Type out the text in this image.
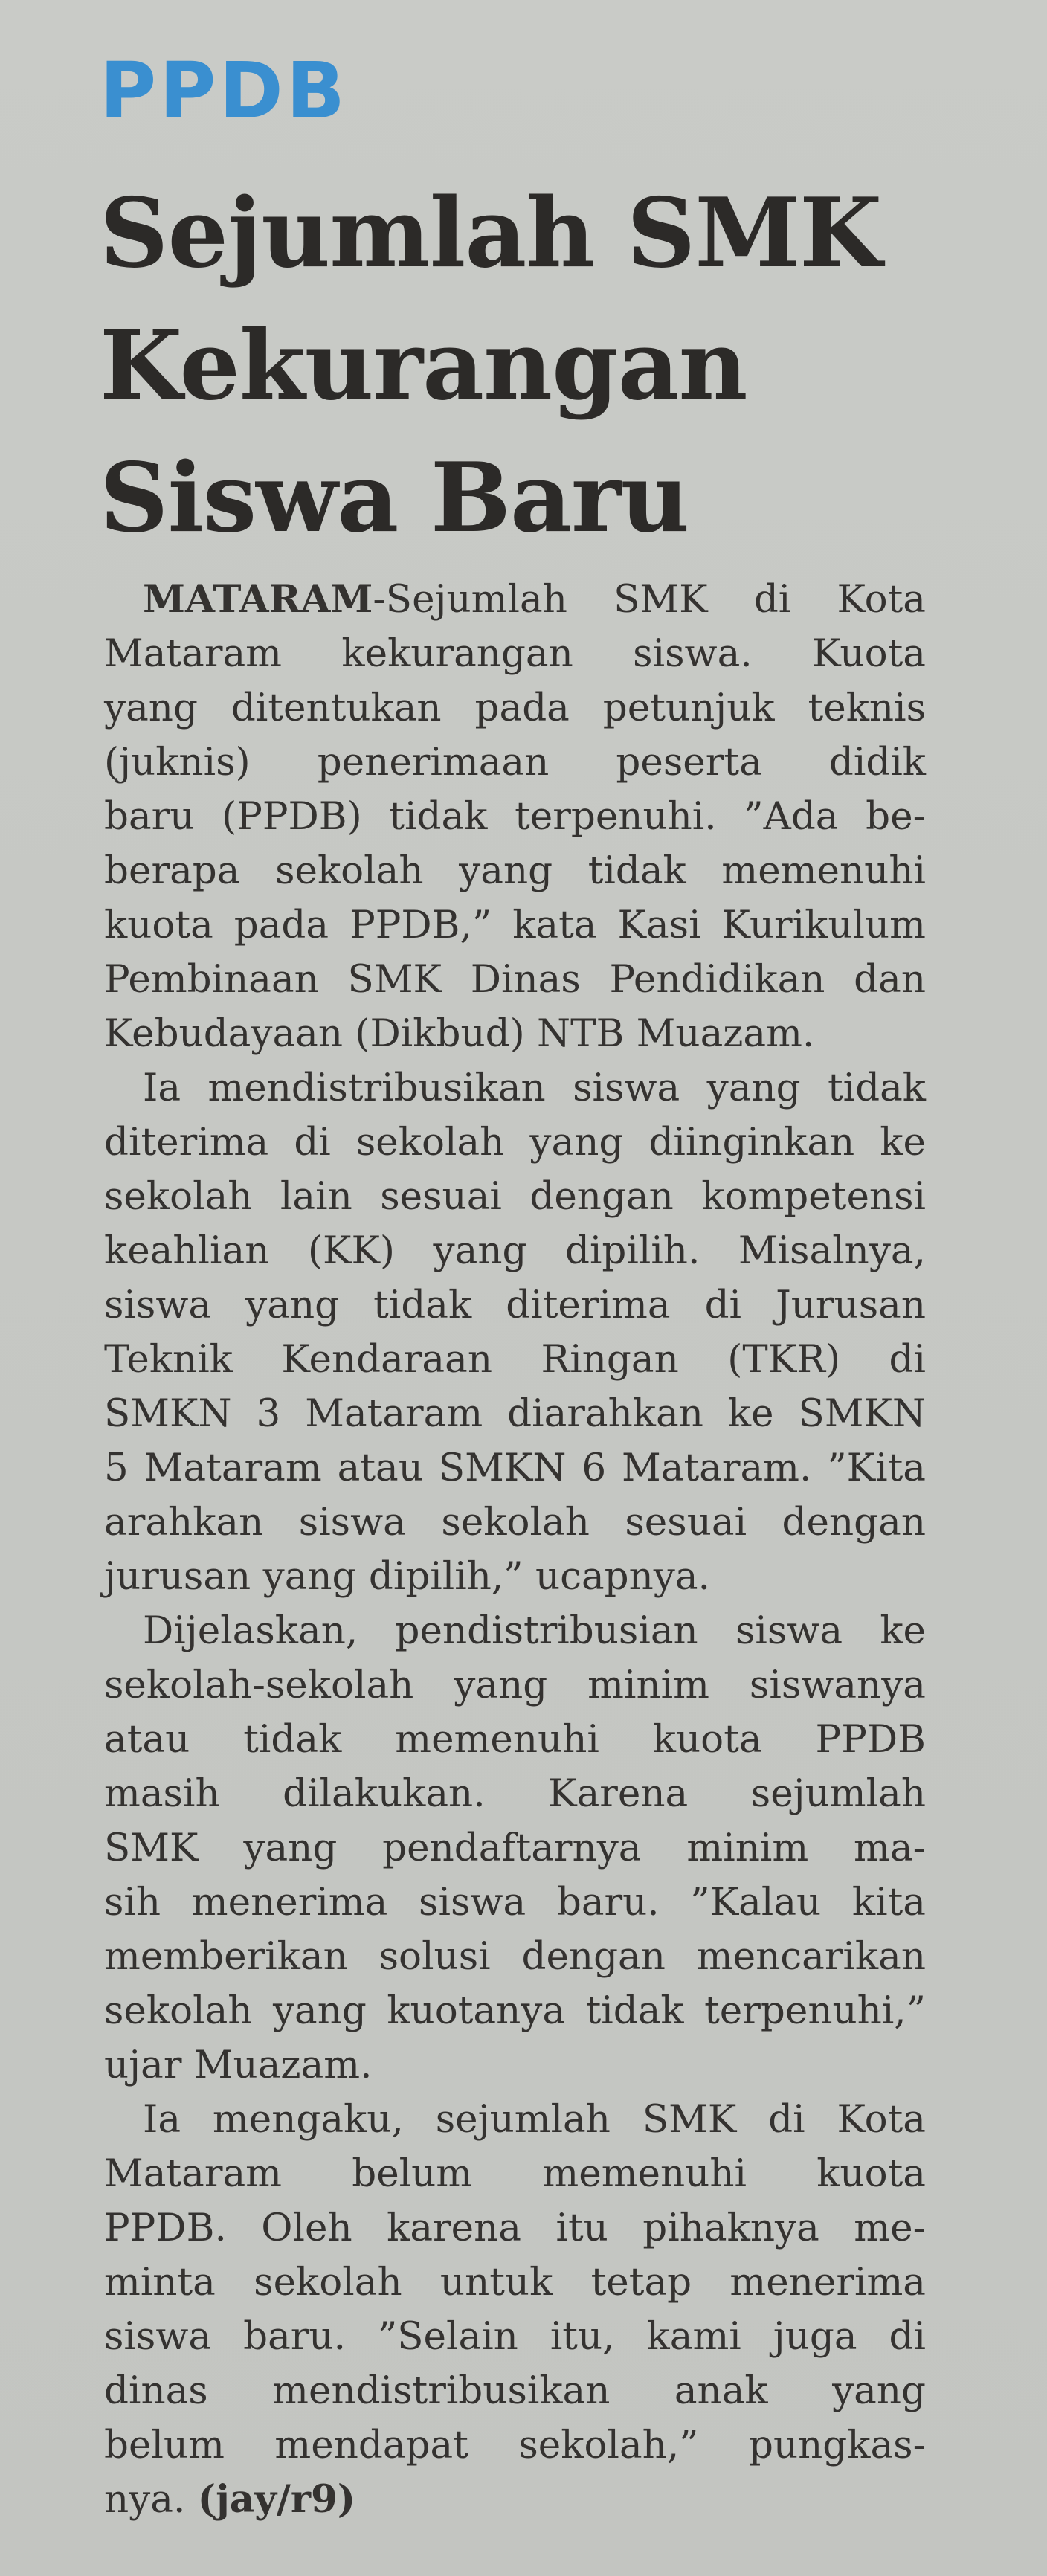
PPDB
Sejumlah SMK
Kekurangan
Siswa Baru
MATARAM-Sejumlah SMK di Kota
Mataram kekurangan siswa. Kuota
yang ditentukan pada petunjuk teknis
(juknis) penerimaan peserta didik
baru (PPDB) tidak terpenuhi. ”Ada be-
berapa sekolah yang tidak memenuhi
kuota pada PPDB,” kata Kasi Kurikulum
Pembinaan SMK Dinas Pendidikan dan
Kebudayaan (Dikbud) NTB Muazam.
Ia mendistribusikan siswa yang tidak
diterima di sekolah yang diinginkan ke
sekolah lain sesuai dengan kompetensi
keahlian (KK) yang dipilih. Misalnya,
siswa yang tidak diterima di Jurusan
Teknik Kendaraan Ringan (TKR) di
SMKN 3 Mataram diarahkan ke SMKN
5 Mataram atau SMKN 6 Mataram. ”Kita
arahkan siswa sekolah sesuai dengan
jurusan yang dipilih,” ucapnya.
Dijelaskan, pendistribusian siswa ke
sekolah-sekolah yang minim siswanya
atau tidak memenuhi kuota PPDB
masih dilakukan. Karena sejumlah
SMK yang pendaftarnya minim ma-
sih menerima siswa baru. ”Kalau kita
memberikan solusi dengan mencarikan
sekolah yang kuotanya tidak terpenuhi,”
ujar Muazam.
Ia mengaku, sejumlah SMK di Kota
Mataram belum memenuhi kuota
PPDB. Oleh karena itu pihaknya me-
minta sekolah untuk tetap menerima
siswa baru. ”Selain itu, kami juga di
dinas mendistribusikan anak yang
belum mendapat sekolah,” pungkas-
nya. (jay/r9)
